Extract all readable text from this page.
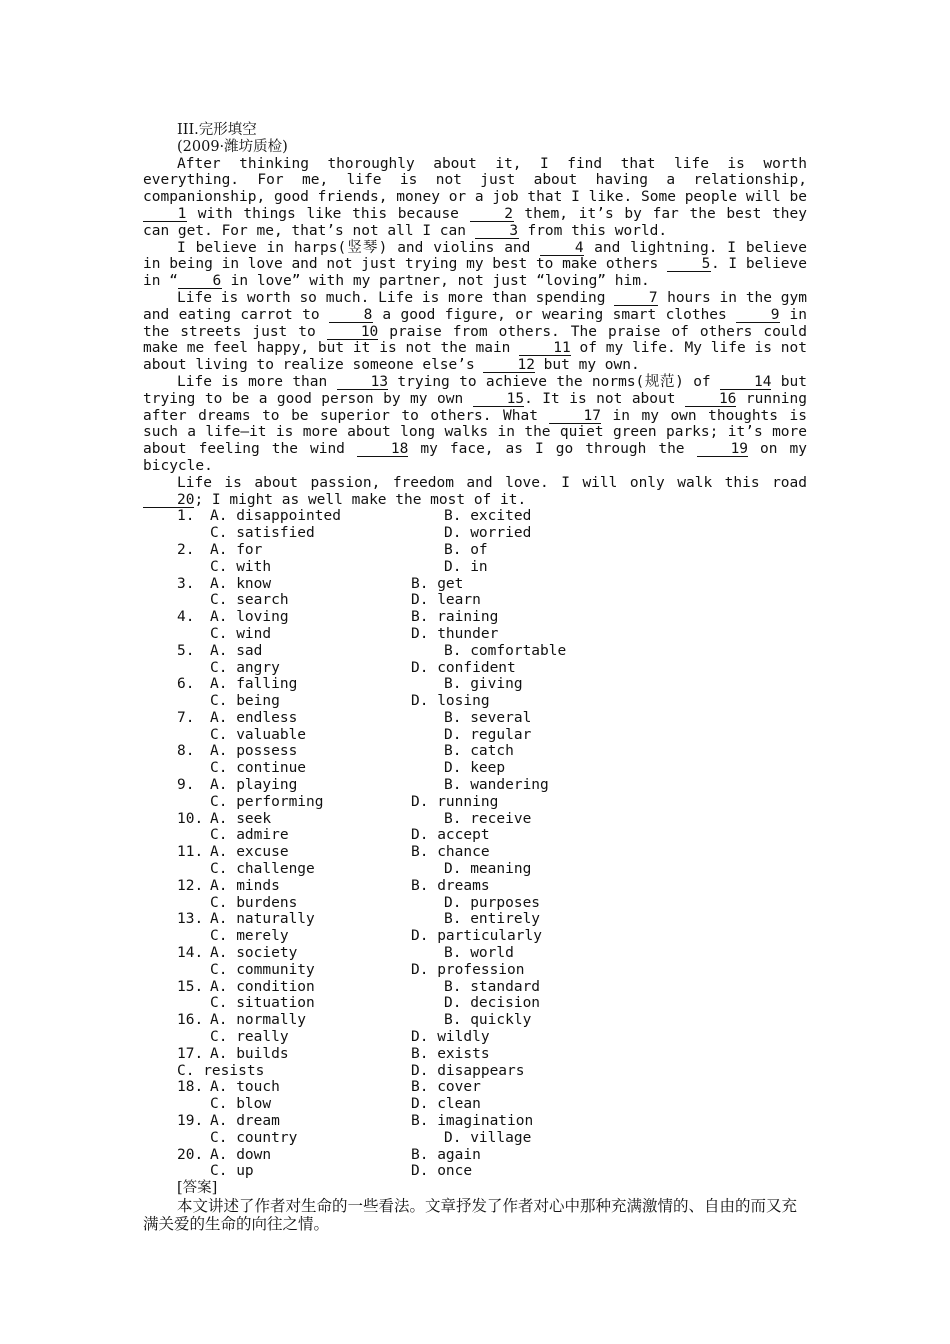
III.完形填空
(2009·潍坊质检)
After thinking thoroughly about it, I find that life is worth everything. For me, life is not just about having a relationship, companionship, good friends, money or a job that I like. Some people will be 1 with things like this because 2 them, it’s by far the best they can get. For me, that’s not all I can 3 from this world.
I believe in harps(竖琴) and violins and 4 and lightning. I believe in being in love and not just trying my best to make others 5. I believe in “ 6 in love” with my partner, not just “loving” him.
Life is worth so much. Life is more than spending 7 hours in the gym and eating carrot to 8 a good figure, or wearing smart clothes 9 in the streets just to 10 praise from others. The praise of others could make me feel happy, but it is not the main 11 of my life. My life is not about living to realize someone else’s 12 but my own.
Life is more than 13 trying to achieve the norms(规范) of 14 but trying to be a good person by my own 15. It is not about 16 running after dreams to be superior to others. What 17 in my own thoughts is such a life—it is more about long walks in the quiet green parks; it’s more about feeling the wind 18 my face, as I go through the 19 on my bicycle.
Life is about passion, freedom and love. I will only walk this road 20; I might as well make the most of it.
1. A. disappointed	B. excited
C. satisfied	D. worried
2. A. for	B. of
C. with	D. in
3. A. know	B. get
C. search	D. learn
4. A. loving	B. raining
C. wind	D. thunder
5. A. sad	B. comfortable
C. angry	D. confident
6. A. falling	B. giving
C. being	D. losing
7. A. endless	B. several
C. valuable	D. regular
8. A. possess	B. catch
C. continue	D. keep
9. A. playing	B. wandering
C. performing	D. running
10. A. seek	B. receive
C. admire	D. accept
11. A. excuse	B. chance
C. challenge	D. meaning
12. A. minds	B. dreams
C. burdens	D. purposes
13. A. naturally	B. entirely
C. merely	D. particularly
14. A. society	B. world
C. community	D. profession
15. A. condition	B. standard
C. situation	D. decision
16. A. normally	B. quickly
C. really	D. wildly
17. A. builds	B. exists
C. resists	D. disappears
18. A. touch	B. cover
C. blow	D. clean
19. A. dream	B. imagination
C. country	D. village
20. A. down	B. again
C. up	D. once
[答案]
本文讲述了作者对生命的一些看法。文章抒发了作者对心中那种充满激情的、自由的而又充满关爱的生命的向往之情。
